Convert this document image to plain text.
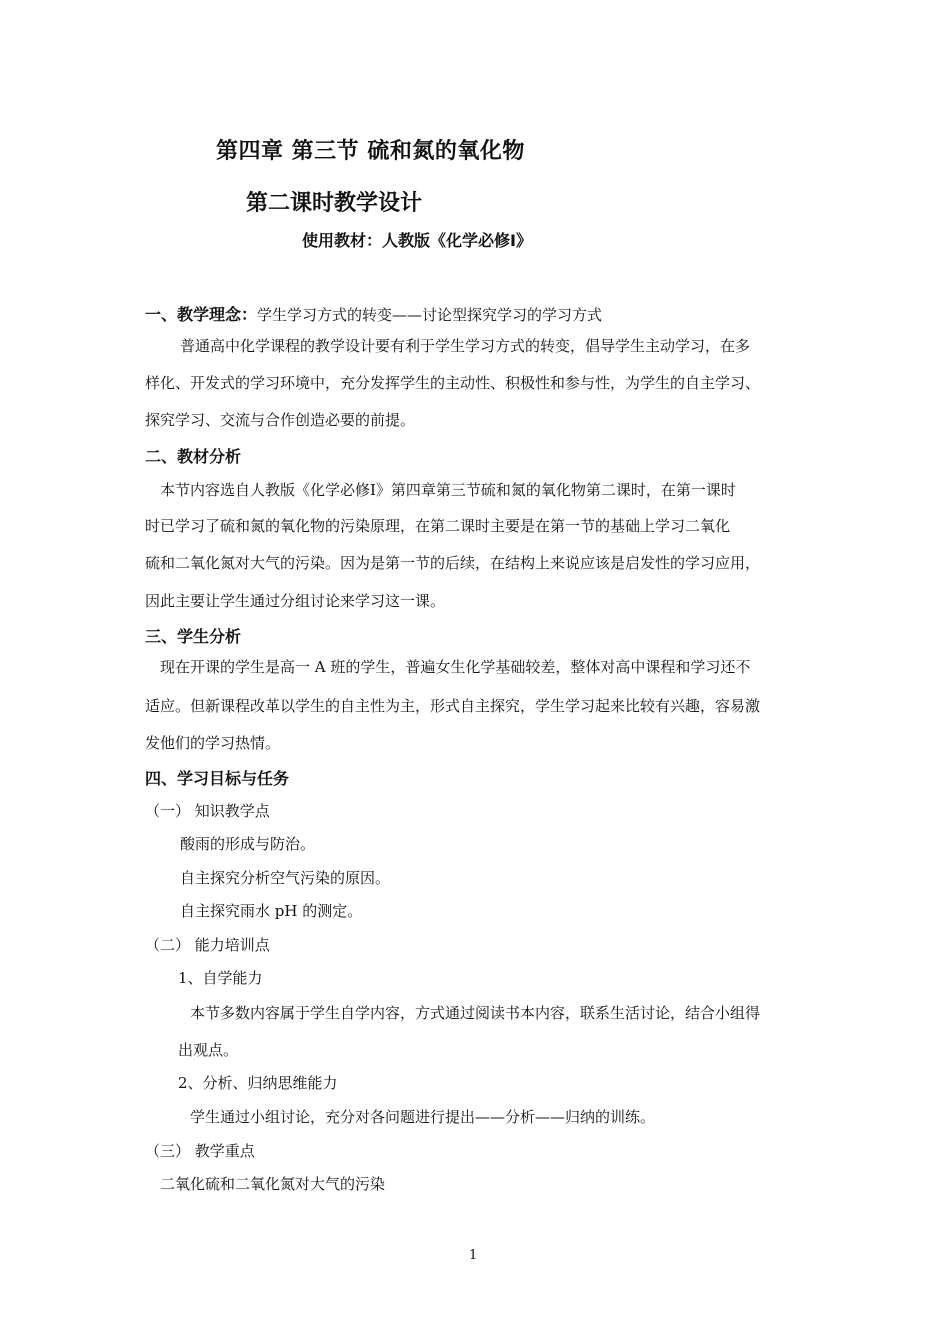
第四章 第三节 硫和氮的氧化物
第二课时教学设计
使用教材：人教版《化学必修Ⅰ》
一、教学理念：学生学习方式的转变——讨论型探究学习的学习方式
普通高中化学课程的教学设计要有利于学生学习方式的转变，倡导学生主动学习，在多
样化、开发式的学习环境中，充分发挥学生的主动性、积极性和参与性，为学生的自主学习、
探究学习、交流与合作创造必要的前提。
二、教材分析
本节内容选自人教版《化学必修Ⅰ》第四章第三节硫和氮的氧化物第二课时，在第一课时
时已学习了硫和氮的氧化物的污染原理，在第二课时主要是在第一节的基础上学习二氧化
硫和二氧化氮对大气的污染。因为是第一节的后续，在结构上来说应该是启发性的学习应用，
因此主要让学生通过分组讨论来学习这一课。
三、学生分析
现在开课的学生是高一 A 班的学生，普遍女生化学基础较差，整体对高中课程和学习还不
适应。但新课程改革以学生的自主性为主，形式自主探究，学生学习起来比较有兴趣，容易激
发他们的学习热情。
四、学习目标与任务
（一） 知识教学点
酸雨的形成与防治。
自主探究分析空气污染的原因。
自主探究雨水 pH 的测定。
（二） 能力培训点
1、自学能力
本节多数内容属于学生自学内容，方式通过阅读书本内容，联系生活讨论，结合小组得
出观点。
2、分析、归纳思维能力
学生通过小组讨论，充分对各问题进行提出——分析——归纳的训练。
（三） 教学重点
二氧化硫和二氧化氮对大气的污染
1
